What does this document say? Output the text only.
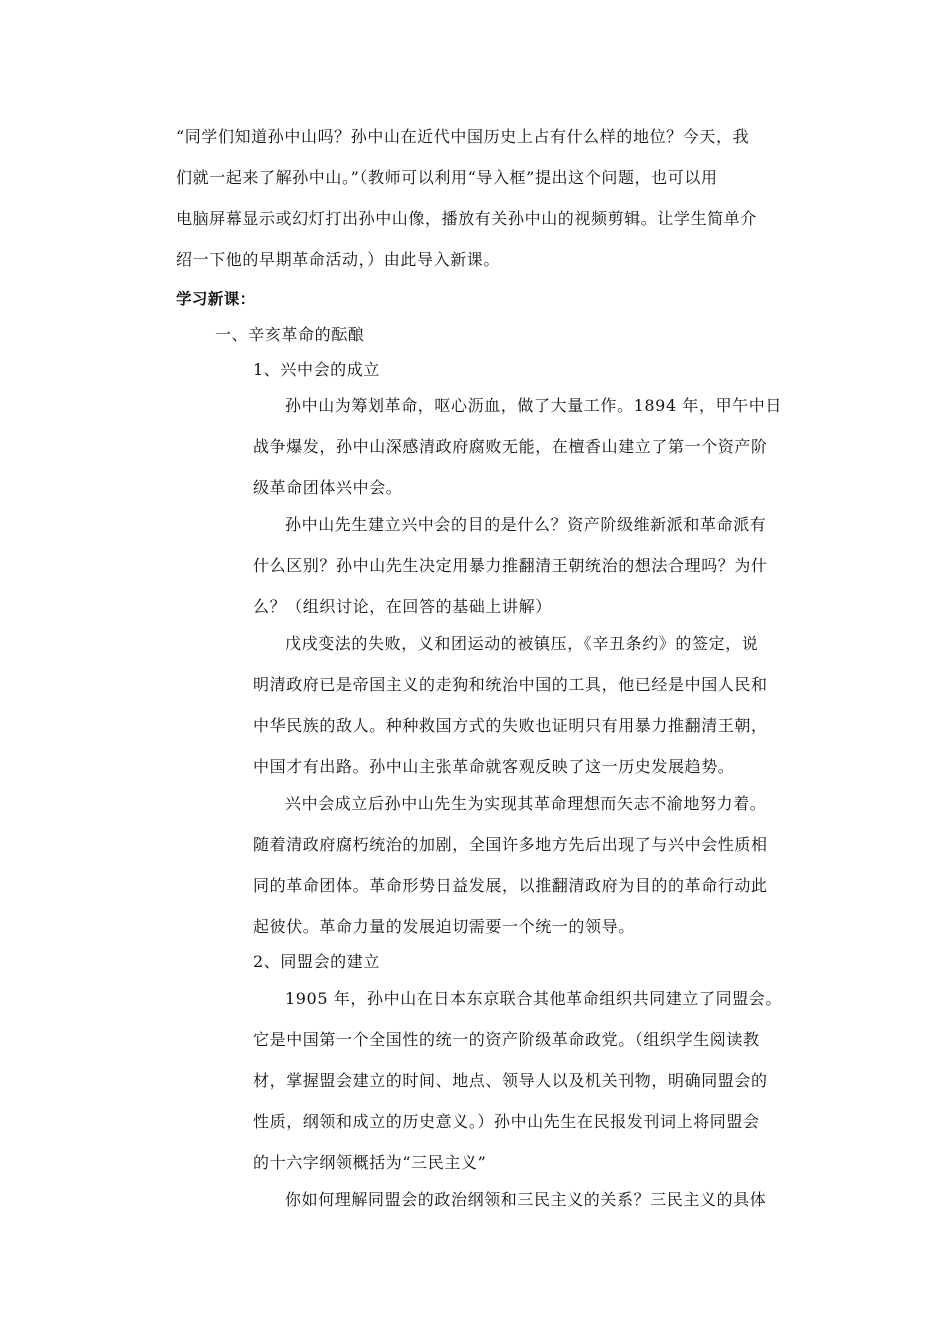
“同学们知道孙中山吗？孙中山在近代中国历史上占有什么样的地位？今天，我
们就一起来了解孙中山。”（教师可以利用“导入框”提出这个问题，也可以用
电脑屏幕显示或幻灯打出孙中山像，播放有关孙中山的视频剪辑。让学生简单介
绍一下他的早期革命活动，）由此导入新课。
学习新课：
一、辛亥革命的酝酿
1、兴中会的成立
孙中山为筹划革命，呕心沥血，做了大量工作。1894 年，甲午中日
战争爆发，孙中山深感清政府腐败无能，在檀香山建立了第一个资产阶
级革命团体兴中会。
孙中山先生建立兴中会的目的是什么？资产阶级维新派和革命派有
什么区别？孙中山先生决定用暴力推翻清王朝统治的想法合理吗？为什
么？（组织讨论，在回答的基础上讲解）
戊戌变法的失败，义和团运动的被镇压，《辛丑条约》的签定，说
明清政府已是帝国主义的走狗和统治中国的工具，他已经是中国人民和
中华民族的敌人。种种救国方式的失败也证明只有用暴力推翻清王朝，
中国才有出路。孙中山主张革命就客观反映了这一历史发展趋势。
兴中会成立后孙中山先生为实现其革命理想而矢志不渝地努力着。
随着清政府腐朽统治的加剧，全国许多地方先后出现了与兴中会性质相
同的革命团体。革命形势日益发展，以推翻清政府为目的的革命行动此
起彼伏。革命力量的发展迫切需要一个统一的领导。
2、同盟会的建立
1905 年，孙中山在日本东京联合其他革命组织共同建立了同盟会。
它是中国第一个全国性的统一的资产阶级革命政党。（组织学生阅读教
材，掌握盟会建立的时间、地点、领导人以及机关刊物，明确同盟会的
性质，纲领和成立的历史意义。）孙中山先生在民报发刊词上将同盟会
的十六字纲领概括为“三民主义”
你如何理解同盟会的政治纲领和三民主义的关系？三民主义的具体
